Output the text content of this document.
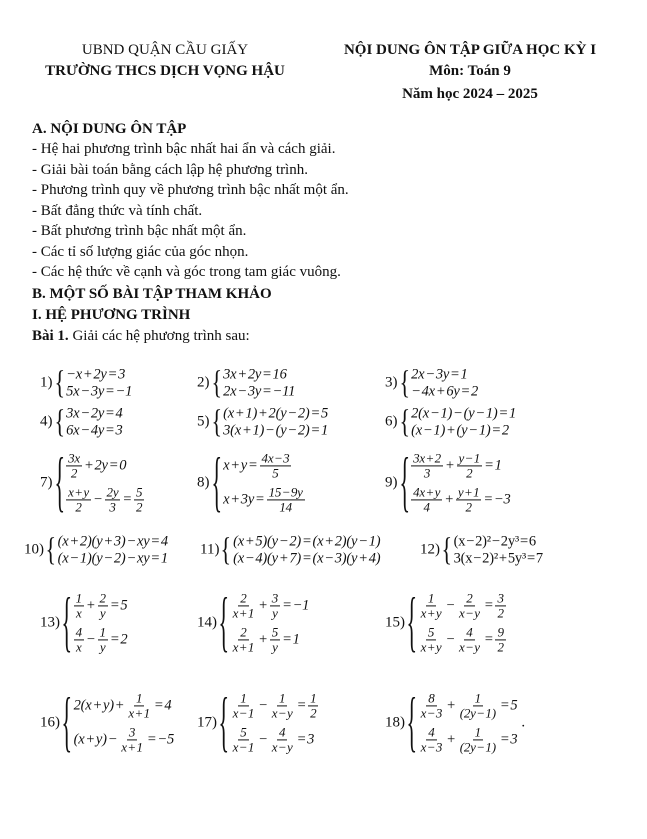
UBND QUẬN CẦU GIẤY
TRƯỜNG THCS DỊCH VỌNG HẬU
NỘI DUNG ÔN TẬP GIỮA HỌC KỲ I
Môn: Toán 9
Năm học 2024 – 2025
A. NỘI DUNG ÔN TẬP
- Hệ hai phương trình bậc nhất hai ẩn và cách giải.
- Giải bài toán bằng cách lập hệ phương trình.
- Phương trình quy về phương trình bậc nhất một ẩn.
- Bất đẳng thức và tính chất.
- Bất phương trình bậc nhất một ẩn.
- Các tỉ số lượng giác của góc nhọn.
- Các hệ thức về cạnh và góc trong tam giác vuông.
B. MỘT SỐ BÀI TẬP THAM KHẢO
I. HỆ PHƯƠNG TRÌNH
Bài 1. Giải các hệ phương trình sau:
1) { −x + 2y = 3
5x − 3y = −1
2) { 3x + 2y = 16
2x − 3y = −11
3) { 2x − 3y = 1
− 4x + 6y = 2
4) { 3x − 2y = 4
6x − 4y = 3
5) { (x + 1) + 2(y − 2) = 5
3(x + 1) − (y − 2) = 1
6) { 2(x − 1) − (y − 1) = 1
(x − 1) + (y − 1) = 2
7) { $\frac{3x}{2} + 2y = 0$
$\frac{x + y}{2} - \frac{2y}{3} = \frac{5}{2}$
8) { $x + y = \frac{4x - 3}{5}$
$x + 3y = \frac{15 - 9y}{14}$
9) { $\frac{3x + 2}{3} + \frac{y - 1}{2} = 1$
$\frac{4x + y}{4} + \frac{y + 1}{2} = -3$
10) { (x + 2)(y + 3) − xy = 4
(x − 1)(y − 2) − xy = 1
11) { (x + 5)(y − 2) = (x + 2)(y − 1)
(x − 4)(y + 7) = (x − 3)(y + 4)
12) { (x − 2)² − 2y³ = 6
3(x − 2)² + 5y³ = 7
13) { $\frac{1}{x} + \frac{2}{y} = 5$
$\frac{4}{x} - \frac{1}{y} = 2$
14) { $\frac{2}{x + 1} + \frac{3}{y} = -1$
$\frac{2}{x + 1} + \frac{5}{y} = 1$
15) { $\frac{1}{x + y} - \frac{2}{x - y} = \frac{3}{2}$
$\frac{5}{x + y} - \frac{4}{x - y} = \frac{9}{2}$
16) { $2(x + y) + \frac{1}{x + 1} = 4$
$(x + y) - \frac{3}{x + 1} = -5$
17) { $\frac{1}{x - 1} - \frac{1}{x - y} = \frac{1}{2}$
$\frac{5}{x - 1} - \frac{4}{x - y} = 3$
18) { $\frac{8}{x - 3} + \frac{1}{(2y - 1)} = 5$
$\frac{4}{x - 3} + \frac{1}{(2y - 1)} = 3$
.
